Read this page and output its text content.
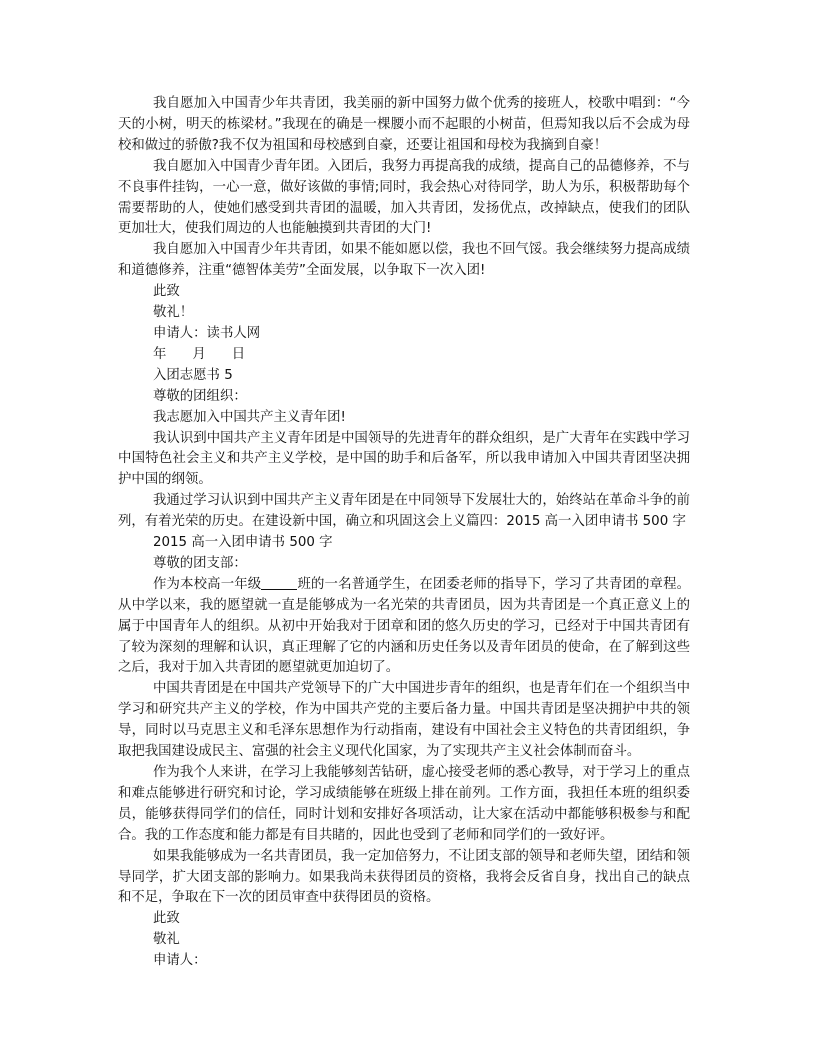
我自愿加入中国青少年共青团，我美丽的新中国努力做个优秀的接班人，校歌中唱到：“今天的小树，明天的栋梁材。”我现在的确是一棵腰小而不起眼的小树苗，但焉知我以后不会成为母校和做过的骄傲?我不仅为祖国和母校感到自豪，还要让祖国和母校为我摘到自豪！

我自愿加入中国青少青年团。入团后，我努力再提高我的成绩，提高自己的品德修养，不与不良事件挂钩，一心一意，做好该做的事情;同时，我会热心对待同学，助人为乐，积极帮助每个需要帮助的人，使她们感受到共青团的温暖，加入共青团，发扬优点，改掉缺点，使我们的团队更加壮大，使我们周边的人也能触摸到共青团的大门!

我自愿加入中国青少年共青团，如果不能如愿以偿，我也不回气馁。我会继续努力提高成绩和道德修养，注重“德智体美劳”全面发展，以争取下一次入团!

此致

敬礼！

申请人：读书人网

年 月 日

入团志愿书 5

尊敬的团组织：

我志愿加入中国共产主义青年团!

我认识到中国共产主义青年团是中国领导的先进青年的群众组织，是广大青年在实践中学习中国特色社会主义和共产主义学校，是中国的助手和后备军，所以我申请加入中国共青团坚决拥护中国的纲领。

我通过学习认识到中国共产主义青年团是在中同领导下发展壮大的，始终站在革命斗争的前列，有着光荣的历史。在建设新中国，确立和巩固这会上义篇四：2015 高一入团申请书 500 字

2015 高一入团申请书 500 字

尊敬的团支部：

作为本校高一年级	班的一名普通学生，在团委老师的指导下，学习了共青团的章程。从中学以来，我的愿望就一直是能够成为一名光荣的共青团员，因为共青团是一个真正意义上的属于中国青年人的组织。从初中开始我对于团章和团的悠久历史的学习，已经对于中国共青团有了较为深刻的理解和认识，真正理解了它的内涵和历史任务以及青年团员的使命，在了解到这些之后，我对于加入共青团的愿望就更加迫切了。

中国共青团是在中国共产党领导下的广大中国进步青年的组织，也是青年们在一个组织当中学习和研究共产主义的学校，作为中国共产党的主要后备力量。中国共青团是坚决拥护中共的领导，同时以马克思主义和毛泽东思想作为行动指南，建设有中国社会主义特色的共青团组织，争取把我国建设成民主、富强的社会主义现代化国家，为了实现共产主义社会体制而奋斗。

作为我个人来讲，在学习上我能够刻苦钻研，虚心接受老师的悉心教导，对于学习上的重点和难点能够进行研究和讨论，学习成绩能够在班级上排在前列。工作方面，我担任本班的组织委员，能够获得同学们的信任，同时计划和安排好各项活动，让大家在活动中都能够积极参与和配合。我的工作态度和能力都是有目共睹的，因此也受到了老师和同学们的一致好评。

如果我能够成为一名共青团员，我一定加倍努力，不让团支部的领导和老师失望，团结和领导同学，扩大团支部的影响力。如果我尚未获得团员的资格，我将会反省自身，找出自己的缺点和不足，争取在下一次的团员审查中获得团员的资格。

此致

敬礼

申请人：
